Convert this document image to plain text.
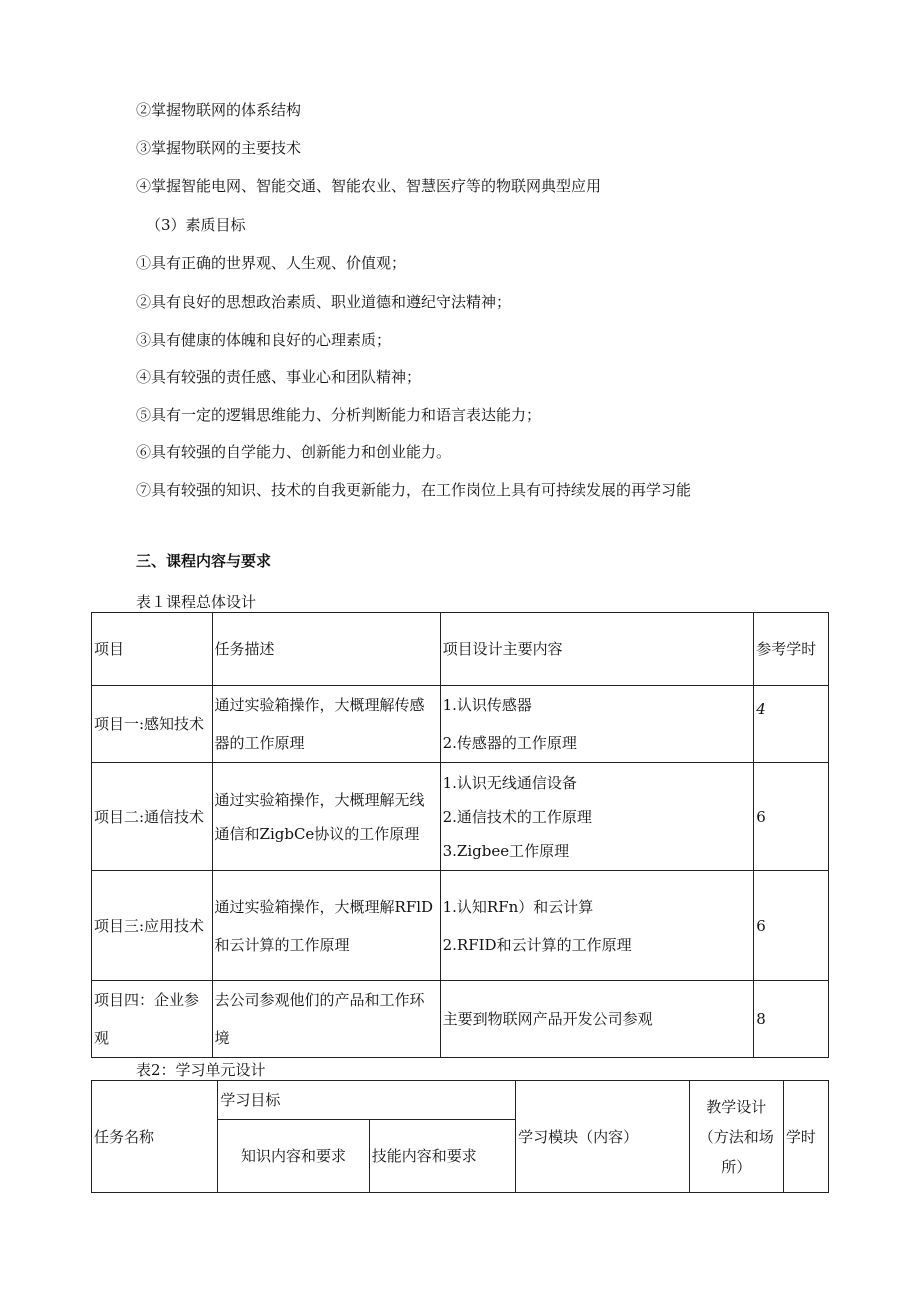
②掌握物联网的体系结构
③掌握物联网的主要技术
④掌握智能电网、智能交通、智能农业、智慧医疗等的物联网典型应用
（3）素质目标
①具有正确的世界观、人生观、价值观；
②具有良好的思想政治素质、职业道德和遵纪守法精神；
③具有健康的体魄和良好的心理素质；
④具有较强的责任感、事业心和团队精神；
⑤具有一定的逻辑思维能力、分析判断能力和语言表达能力；
⑥具有较强的自学能力、创新能力和创业能力。
⑦具有较强的知识、技术的自我更新能力，在工作岗位上具有可持续发展的再学习能
三、课程内容与要求
表１课程总体设计
项目	任务描述	项目设计主要内容	参考学时
项目一:感知技术	通过实验箱操作，大概理解传感器的工作原理	1.认识传感器
2.传感器的工作原理	4
项目二:通信技术	通过实验箱操作，大概理解无线通信和ZigbCe协议的工作原理	1.认识无线通信设备
2.通信技术的工作原理
3.Zigbee工作原理	6
项目三:应用技术	通过实验箱操作，大概理解RFlD和云计算的工作原理	1.认知RFn）和云计算
2.RFID和云计算的工作原理	6
项目四：企业参观	去公司参观他们的产品和工作环境	主要到物联网产品开发公司参观	8
表2：学习单元设计
任务名称	学习目标		学习模块（内容）	教学设计（方法和场所）	学时
	知识内容和要求	技能内容和要求			
